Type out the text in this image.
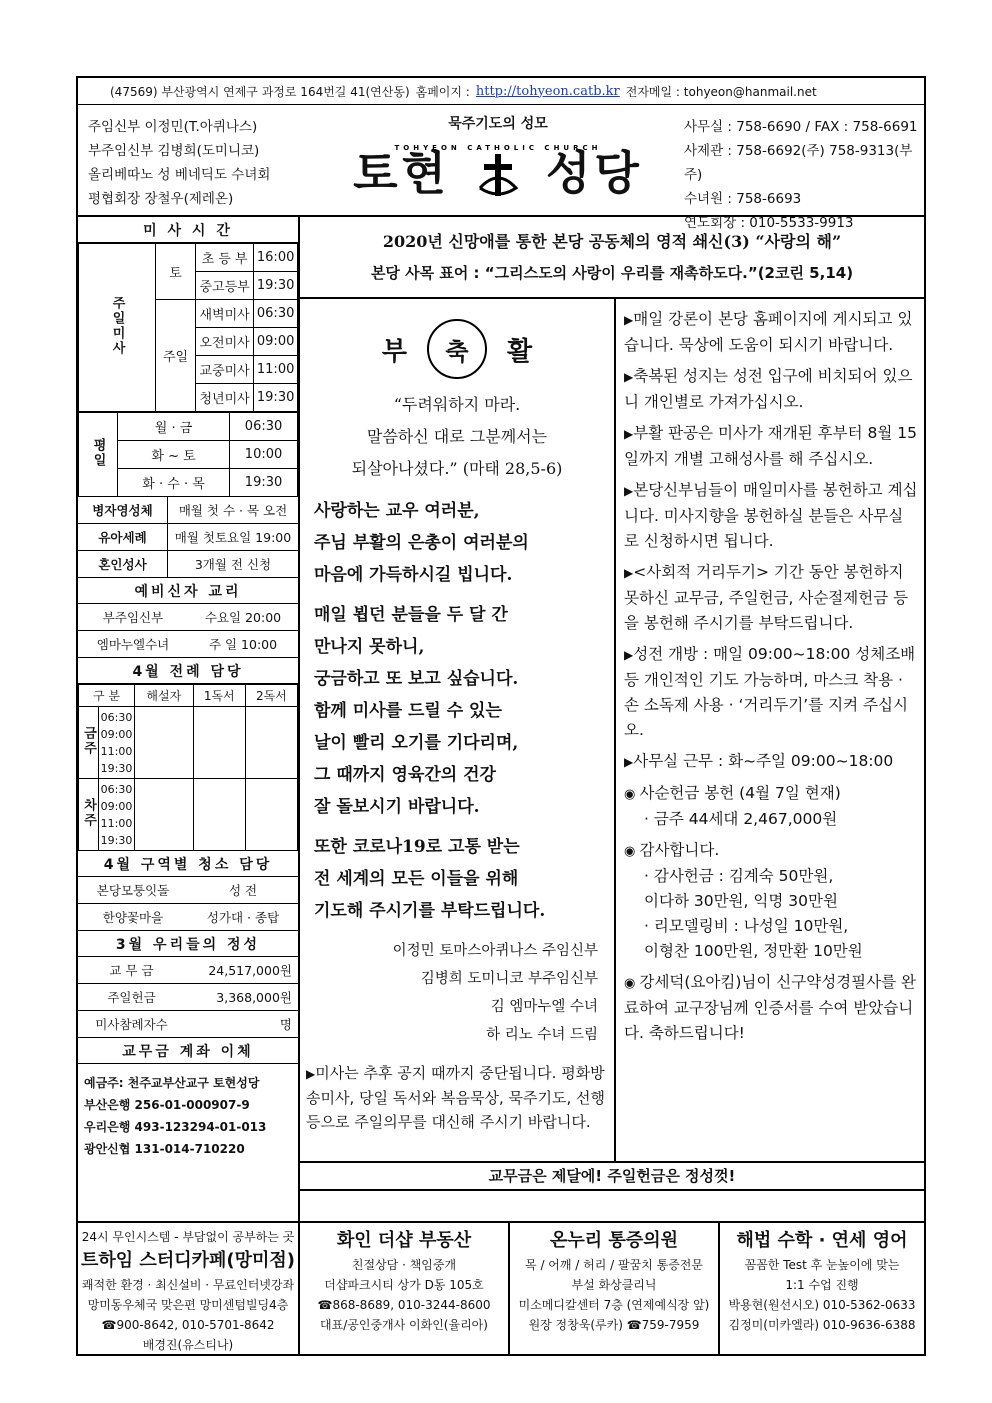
(47569) 부산광역시 연제구 과정로 164번길 41(연산동) 홈페이지 : http://tohyeon.catb.kr 전자메일 : tohyeon@hanmail.net
주임신부 이정민(T.아퀴나스)
부주임신부 김병희(도미니코)
올리베따노 성 베네딕도 수녀회
평협회장 장철우(제레온)
묵주기도의 성모
토현
TOHYEON CATHOLIC CHURCH
성당
사무실 : 758-6690 / FAX : 758-6691
사제관 : 758-6692(주) 758-9313(부주)
수녀원 : 758-6693
연도회장 : 010-5533-9913
미 사 시 간
주일미사	토	초 등 부	16:00
		중고등부	19:30
	주일	새벽미사	06:30
		오전미사	09:00
		교중미사	11:00
		청년미사	19:30
평일	월 · 금	06:30
	화 ~ 토	10:00
	화 · 수 · 목	19:30
병자영성체	매월 첫 수 · 목 오전
유아세례	매월 첫토요일 19:00
혼인성사	3개월 전 신청
예비신자 교리
부주임신부	수요일 20:00
엠마누엘수녀	주 일 10:00
4월 전례 담당
구 분		해설자	1독서	2독서
금주	06:30
09:00
11:00
19:30			

차주	06:30
09:00
11:00
19:30			

4월 구역별 청소 담당
본당모퉁잇돌	성 전
한양꽃마을	성가대 · 종탑
3월 우리들의 정성
교 무 금	24,517,000원
주일헌금	3,368,000원
미사참례자수	명
교무금 계좌 이체
예금주: 천주교부산교구 토현성당
부산은행 256-01-000907-9
우리은행 493-123294-01-013
광안신협 131-014-710220
2020년 신망애를 통한 본당 공동체의 영적 쇄신(3) “사랑의 해”
본당 사목 표어 : “그리스도의 사랑이 우리를 재촉하도다.”(2코린 5,14)
부 축 활
“두려워하지 마라.
말씀하신 대로 그분께서는
되살아나셨다.” (마태 28,5-6)
사랑하는 교우 여러분,
주님 부활의 은총이 여러분의
마음에 가득하시길 빕니다.
매일 뵙던 분들을 두 달 간
만나지 못하니,
궁금하고 또 보고 싶습니다.
함께 미사를 드릴 수 있는
날이 빨리 오기를 기다리며,
그 때까지 영육간의 건강
잘 돌보시기 바랍니다.
또한 코로나19로 고통 받는
전 세계의 모든 이들을 위해
기도해 주시기를 부탁드립니다.
이정민 토마스아퀴나스 주임신부
김병희 도미니코 부주임신부
김 엠마누엘 수녀
하 리노 수녀 드림
▶ 미사는 추후 공지 때까지 중단됩니다. 평화방송미사, 당일 독서와 복음묵상, 묵주기도, 선행 등으로 주일의무를 대신해 주시기 바랍니다.

▶ 매일 강론이 본당 홈페이지에 게시되고 있습니다. 묵상에 도움이 되시기 바랍니다.

▶ 축복된 성지는 성전 입구에 비치되어 있으니 개인별로 가져가십시오.

▶ 부활 판공은 미사가 재개된 후부터 8월 15일까지 개별 고해성사를 해 주십시오.

▶ 본당신부님들이 매일미사를 봉헌하고 계십니다. 미사지향을 봉헌하실 분들은 사무실로 신청하시면 됩니다.

▶ <사회적 거리두기> 기간 동안 봉헌하지 못하신 교무금, 주일헌금, 사순절제헌금 등을 봉헌해 주시기를 부탁드립니다.

▶ 성전 개방 : 매일 09:00~18:00 성체조배 등 개인적인 기도 가능하며, 마스크 착용 · 손 소독제 사용 · ‘거리두기’를 지켜 주십시오.

▶ 사무실 근무 : 화~주일 09:00~18:00

◉ 사순헌금 봉헌 (4월 7일 현재)

· 금주 44세대 2,467,000원

◉ 감사합니다.

· 감사헌금 : 김계숙 50만원,
이다하 30만원, 익명 30만원
· 리모델링비 : 나성일 10만원,
이형찬 100만원, 정만환 10만원

◉ 강세덕(요아킴)님이 신구약성경필사를 완료하여 교구장님께 인증서를 수여 받았습니다. 축하드립니다!

교무금은 제달에! 주일헌금은 정성껏!
24시 무인시스템 - 부담없이 공부하는 곳
트하임 스터디카페(망미점)
쾌적한 환경 · 최신설비 · 무료인터넷강좌
망미동우체국 맞은편 망미센텀빌딩4층
☎900-8642, 010-5701-8642
배경진(유스티나)
화인 더샵 부동산
친절상담 · 책임중개
더샵파크시티 상가 D동 105호
☎868-8689, 010-3244-8600
대표/공인중개사 이화인(율리아)
온누리 통증의원
목 / 어깨 / 허리 / 팔꿈치 통증전문
부설 화상클리닉
미소메디칼센터 7층 (연제예식장 앞)
원장 정창욱(루카) ☎759-7959
해법 수학 · 연세 영어
꼼꼼한 Test 후 눈높이에 맞는
1:1 수업 진행
박용현(원선시오) 010-5362-0633
김정미(미카엘라) 010-9636-6388
